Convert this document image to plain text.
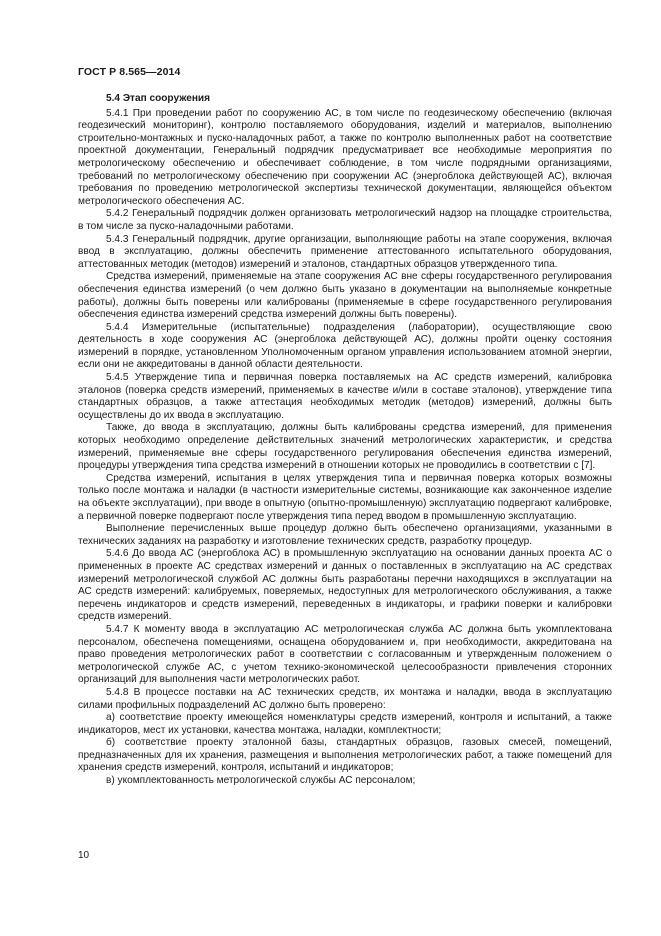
ГОСТ Р 8.565—2014
5.4 Этап сооружения

5.4.1 При проведении работ по сооружению АС, в том числе по геодезическому обеспечению (включая геодезический мониторинг), контролю поставляемого оборудования, изделий и материалов, выполнению строительно-монтажных и пуско-наладочных работ, а также по контролю выполненных работ на соответствие проектной документации, Генеральный подрядчик предусматривает все необходимые мероприятия по метрологическому обеспечению и обеспечивает соблюдение, в том числе подрядными организациями, требований по метрологическому обеспечению при сооружении АС (энергоблока действующей АС), включая требования по проведению метрологической экспертизы технической документации, являющейся объектом метрологического обеспечения АС.

5.4.2 Генеральный подрядчик должен организовать метрологический надзор на площадке строительства, в том числе за пуско-наладочными работами.

5.4.3 Генеральный подрядчик, другие организации, выполняющие работы на этапе сооружения, включая ввод в эксплуатацию, должны обеспечить применение аттестованного испытательного оборудования, аттестованных методик (методов) измерений и эталонов, стандартных образцов утвержденного типа.

Средства измерений, применяемые на этапе сооружения АС вне сферы государственного регулирования обеспечения единства измерений (о чем должно быть указано в документации на выполняемые конкретные работы), должны быть поверены или калиброваны (применяемые в сфере государственного регулирования обеспечения единства измерений средства измерений должны быть поверены).

5.4.4 Измерительные (испытательные) подразделения (лаборатории), осуществляющие свою деятельность в ходе сооружения АС (энергоблока действующей АС), должны пройти оценку состояния измерений в порядке, установленном Уполномоченным органом управления использованием атомной энергии, если они не аккредитованы в данной области деятельности.

5.4.5 Утверждение типа и первичная поверка поставляемых на АС средств измерений, калибровка эталонов (поверка средств измерений, применяемых в качестве и/или в составе эталонов), утверждение типа стандартных образцов, а также аттестация необходимых методик (методов) измерений, должны быть осуществлены до их ввода в эксплуатацию.

Также, до ввода в эксплуатацию, должны быть калиброваны средства измерений, для применения которых необходимо определение действительных значений метрологических характеристик, и средства измерений, применяемые вне сферы государственного регулирования обеспечения единства измерений, процедуры утверждения типа средства измерений в отношении которых не проводились в соответствии с [7].

Средства измерений, испытания в целях утверждения типа и первичная поверка которых возможны только после монтажа и наладки (в частности измерительные системы, возникающие как законченное изделие на объекте эксплуатации), при вводе в опытную (опытно-промышленную) эксплуатацию подвергают калибровке, а первичной поверке подвергают после утверждения типа перед вводом в промышленную эксплуатацию.

Выполнение перечисленных выше процедур должно быть обеспечено организациями, указанными в технических заданиях на разработку и изготовление технических средств, разработку процедур.

5.4.6 До ввода АС (энергоблока АС) в промышленную эксплуатацию на основании данных проекта АС о примененных в проекте АС средствах измерений и данных о поставленных в эксплуатацию на АС средствах измерений метрологической службой АС должны быть разработаны перечни находящихся в эксплуатации на АС средств измерений: калибруемых, поверяемых, недоступных для метрологического обслуживания, а также перечень индикаторов и средств измерений, переведенных в индикаторы, и графики поверки и калибровки средств измерений.

5.4.7 К моменту ввода в эксплуатацию АС метрологическая служба АС должна быть укомплектована персоналом, обеспечена помещениями, оснащена оборудованием и, при необходимости, аккредитована на право проведения метрологических работ в соответствии с согласованным и утвержденным положением о метрологической службе АС, с учетом технико-экономической целесообразности привлечения сторонних организаций для выполнения части метрологических работ.

5.4.8 В процессе поставки на АС технических средств, их монтажа и наладки, ввода в эксплуатацию силами профильных подразделений АС должно быть проверено:

а) соответствие проекту имеющейся номенклатуры средств измерений, контроля и испытаний, а также индикаторов, мест их установки, качества монтажа, наладки, комплектности;

б) соответствие проекту эталонной базы, стандартных образцов, газовых смесей, помещений, предназначенных для их хранения, размещения и выполнения метрологических работ, а также помещений для хранения средств измерений, контроля, испытаний и индикаторов;

в) укомплектованность метрологической службы АС персоналом;

10
